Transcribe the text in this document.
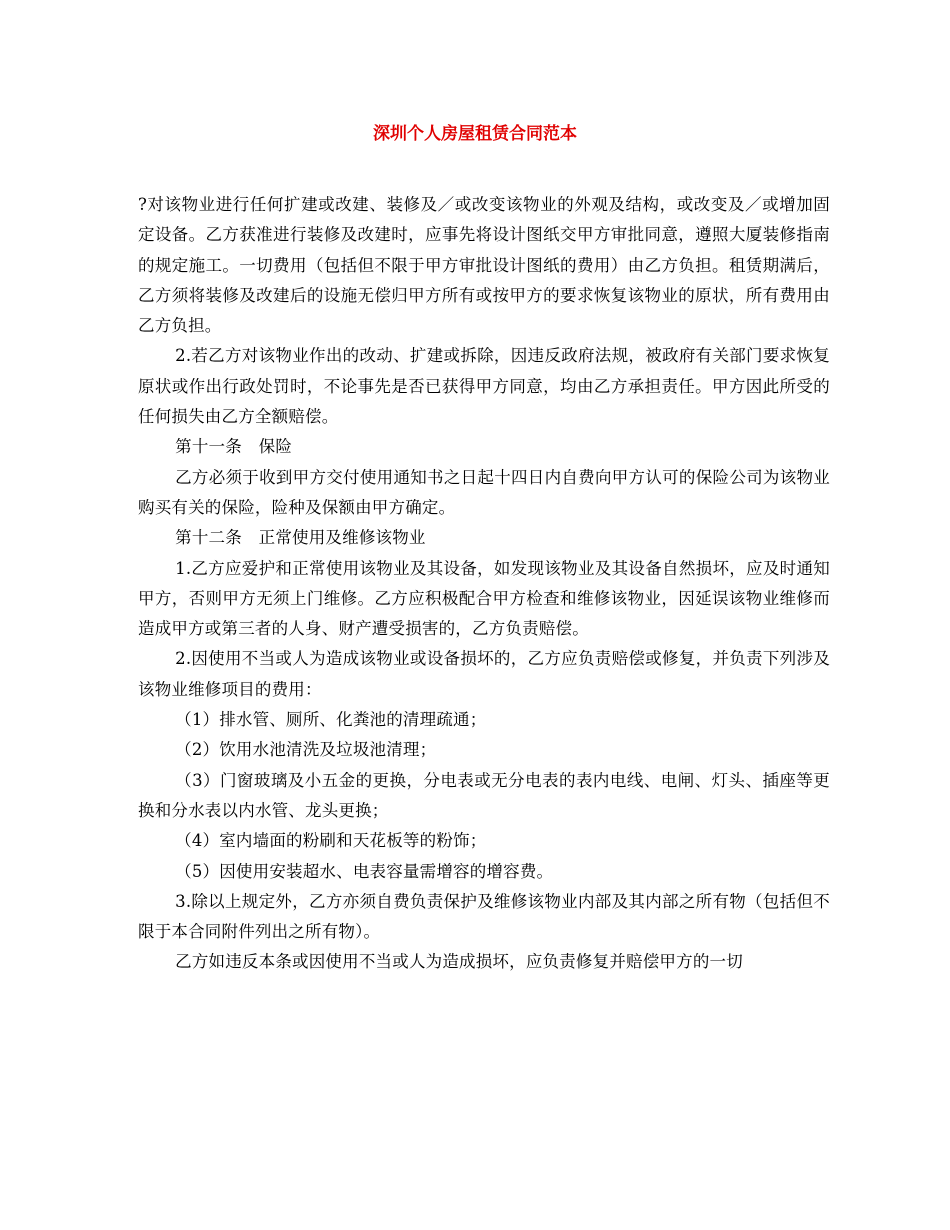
深圳个人房屋租赁合同范本

?对该物业进行任何扩建或改建、装修及／或改变该物业的外观及结构，或改变及／或增加固定设备。乙方获准进行装修及改建时，应事先将设计图纸交甲方审批同意，遵照大厦装修指南的规定施工。一切费用（包括但不限于甲方审批设计图纸的费用）由乙方负担。租赁期满后，乙方须将装修及改建后的设施无偿归甲方所有或按甲方的要求恢复该物业的原状，所有费用由乙方负担。

2.若乙方对该物业作出的改动、扩建或拆除，因违反政府法规，被政府有关部门要求恢复原状或作出行政处罚时，不论事先是否已获得甲方同意，均由乙方承担责任。甲方因此所受的任何损失由乙方全额赔偿。

第十一条　保险

乙方必须于收到甲方交付使用通知书之日起十四日内自费向甲方认可的保险公司为该物业购买有关的保险，险种及保额由甲方确定。

第十二条　正常使用及维修该物业

1.乙方应爱护和正常使用该物业及其设备，如发现该物业及其设备自然损坏，应及时通知甲方，否则甲方无须上门维修。乙方应积极配合甲方检查和维修该物业，因延误该物业维修而造成甲方或第三者的人身、财产遭受损害的，乙方负责赔偿。

2.因使用不当或人为造成该物业或设备损坏的，乙方应负责赔偿或修复，并负责下列涉及该物业维修项目的费用：

（1）排水管、厕所、化粪池的清理疏通；

（2）饮用水池清洗及垃圾池清理；

（3）门窗玻璃及小五金的更换，分电表或无分电表的表内电线、电闸、灯头、插座等更换和分水表以内水管、龙头更换；

（4）室内墙面的粉刷和天花板等的粉饰；

（5）因使用安装超水、电表容量需增容的增容费。

3.除以上规定外，乙方亦须自费负责保护及维修该物业内部及其内部之所有物（包括但不限于本合同附件列出之所有物）。

乙方如违反本条或因使用不当或人为造成损坏，应负责修复并赔偿甲方的一切
